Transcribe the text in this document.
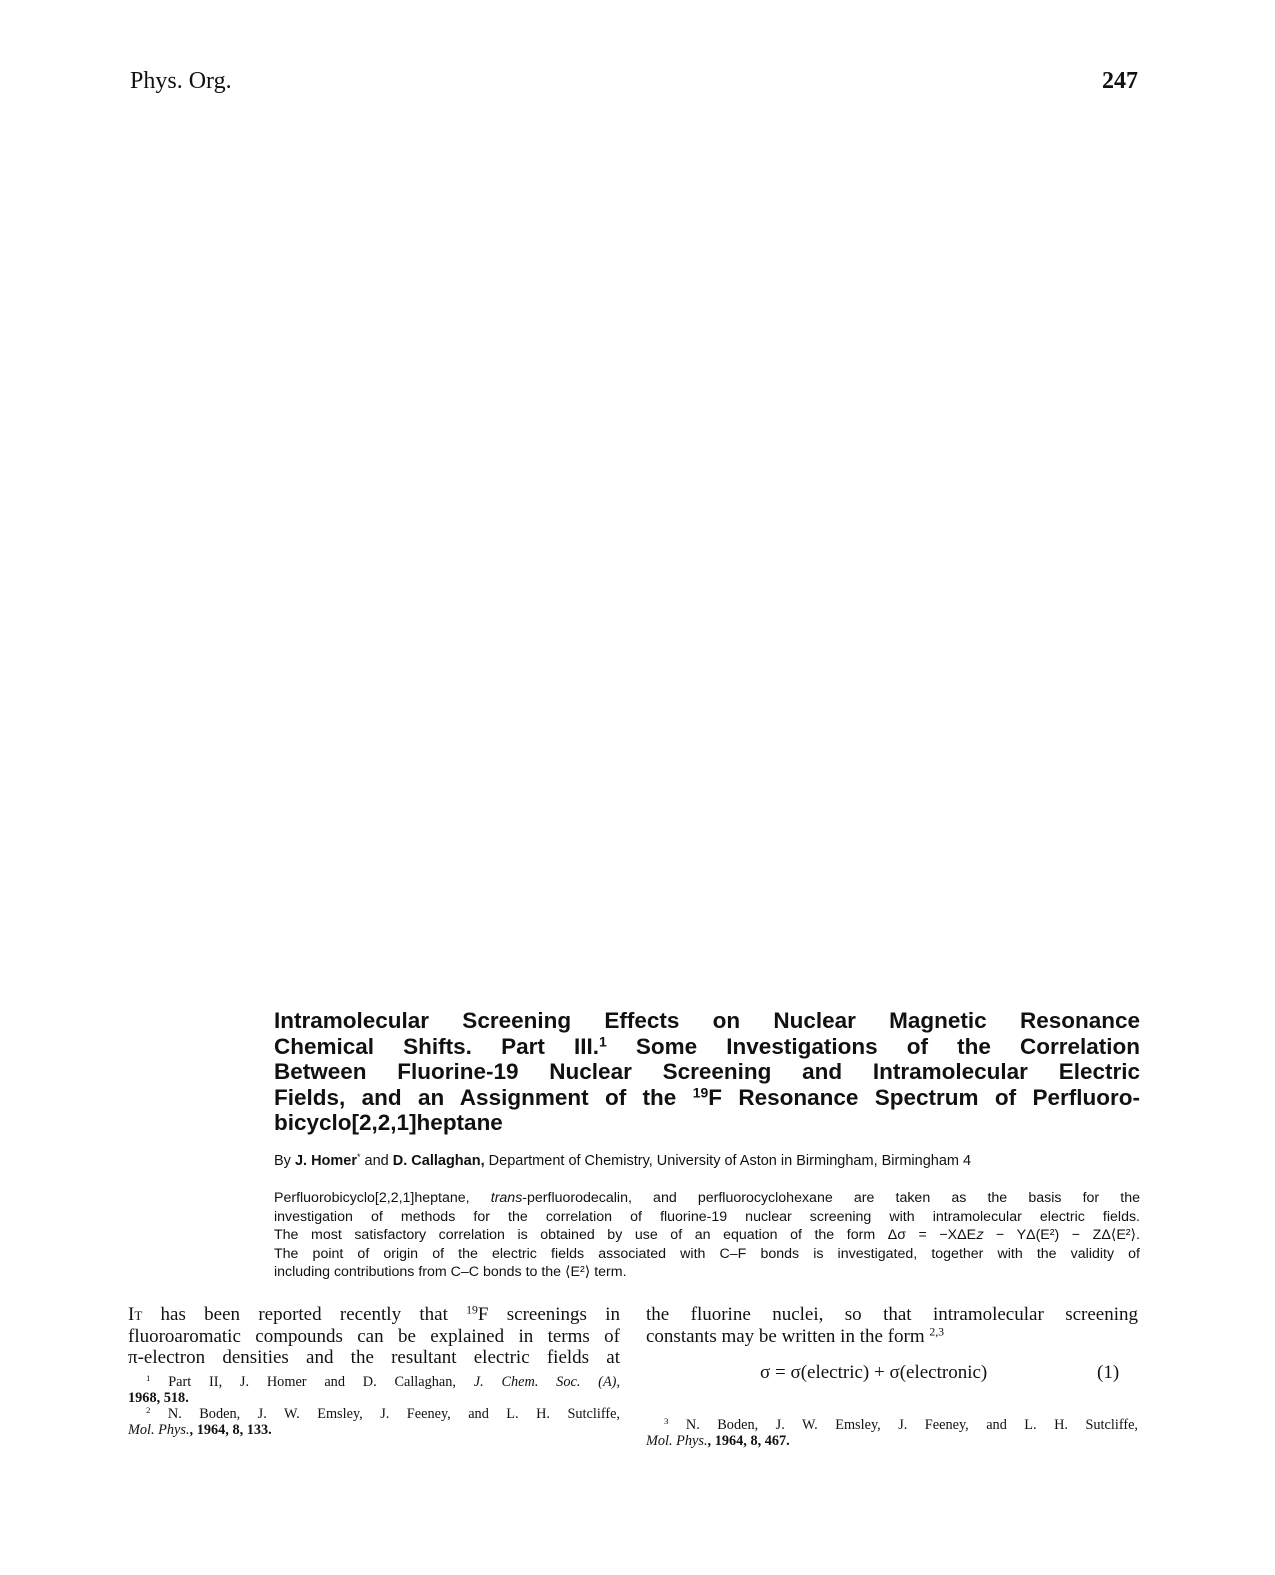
Phys. Org.	247
Intramolecular Screening Effects on Nuclear Magnetic Resonance
Chemical Shifts. Part III.$^1$ Some Investigations of the Correlation
Between Fluorine-19 Nuclear Screening and Intramolecular Electric
Fields, and an Assignment of the $^{19}$F Resonance Spectrum of Perfluoro-
bicyclo[2,2,1]heptane
By J. Homer* and D. Callaghan, Department of Chemistry, University of Aston in Birmingham, Birmingham 4
Perfluorobicyclo[2,2,1]heptane, trans-perfluorodecalin, and perfluorocyclohexane are taken as the basis for the
investigation of methods for the correlation of fluorine-19 nuclear screening with intramolecular electric fields.
The most satisfactory correlation is obtained by use of an equation of the form Δσ = −XΔE𝑧 − YΔ(E²) − ZΔ⟨E²⟩.
The point of origin of the electric fields associated with C–F bonds is investigated, together with the validity of
including contributions from C–C bonds to the ⟨E²⟩ term.
It has been reported recently that $^{19}$F screenings in
fluoroaromatic compounds can be explained in terms of
π-electron densities and the resultant electric fields at
$^1$ Part II, J. Homer and D. Callaghan, J. Chem. Soc. (A),
1968, 518.
$^2$ N. Boden, J. W. Emsley, J. Feeney, and L. H. Sutcliffe,
Mol. Phys., 1964, 8, 133.
the fluorine nuclei, so that intramolecular screening
constants may be written in the form $^{2,3}$
$^3$ N. Boden, J. W. Emsley, J. Feeney, and L. H. Sutcliffe,
Mol. Phys., 1964, 8, 467.
σ = σ(electric) + σ(electronic)	(1)
